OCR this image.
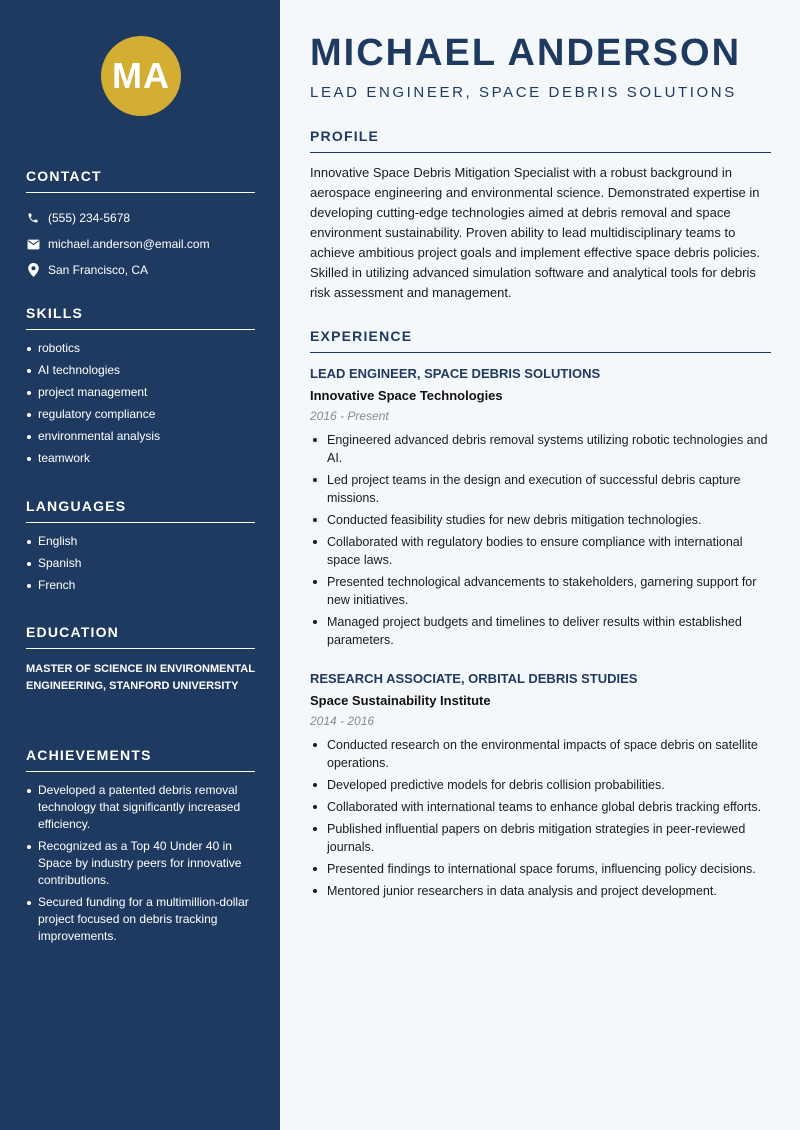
MA
CONTACT
(555) 234-5678
michael.anderson@email.com
San Francisco, CA
SKILLS
robotics
AI technologies
project management
regulatory compliance
environmental analysis
teamwork
LANGUAGES
English
Spanish
French
EDUCATION
MASTER OF SCIENCE IN ENVIRONMENTAL ENGINEERING, STANFORD UNIVERSITY
ACHIEVEMENTS
Developed a patented debris removal technology that significantly increased efficiency.
Recognized as a Top 40 Under 40 in Space by industry peers for innovative contributions.
Secured funding for a multimillion-dollar project focused on debris tracking improvements.
MICHAEL ANDERSON
LEAD ENGINEER, SPACE DEBRIS SOLUTIONS
PROFILE

Innovative Space Debris Mitigation Specialist with a robust background in aerospace engineering and environmental science. Demonstrated expertise in developing cutting-edge technologies aimed at debris removal and space environment sustainability. Proven ability to lead multidisciplinary teams to achieve ambitious project goals and implement effective space debris policies. Skilled in utilizing advanced simulation software and analytical tools for debris risk assessment and management.

EXPERIENCE
LEAD ENGINEER, SPACE DEBRIS SOLUTIONS
Innovative Space Technologies
2016 - Present
Engineered advanced debris removal systems utilizing robotic technologies and AI.
Led project teams in the design and execution of successful debris capture missions.
Conducted feasibility studies for new debris mitigation technologies.
Collaborated with regulatory bodies to ensure compliance with international space laws.
Presented technological advancements to stakeholders, garnering support for new initiatives.
Managed project budgets and timelines to deliver results within established parameters.
RESEARCH ASSOCIATE, ORBITAL DEBRIS STUDIES
Space Sustainability Institute
2014 - 2016
Conducted research on the environmental impacts of space debris on satellite operations.
Developed predictive models for debris collision probabilities.
Collaborated with international teams to enhance global debris tracking efforts.
Published influential papers on debris mitigation strategies in peer-reviewed journals.
Presented findings to international space forums, influencing policy decisions.
Mentored junior researchers in data analysis and project development.
